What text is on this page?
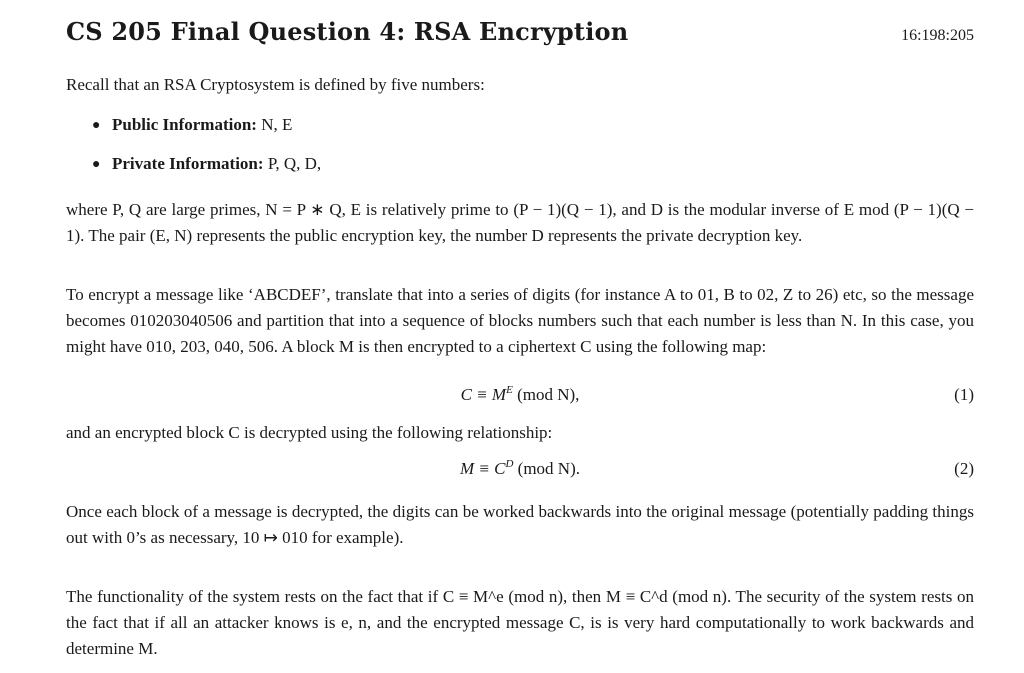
CS 205 Final Question 4: RSA Encryption	16:198:205
Recall that an RSA Cryptosystem is defined by five numbers:
● Public Information: N, E
● Private Information: P, Q, D,
where P, Q are large primes, N = P ∗ Q, E is relatively prime to (P − 1)(Q − 1), and D is the modular inverse of E mod (P − 1)(Q − 1). The pair (E, N) represents the public encryption key, the number D represents the private decryption key.
To encrypt a message like ‘ABCDEF’, translate that into a series of digits (for instance A to 01, B to 02, Z to 26) etc, so the message becomes 010203040506 and partition that into a sequence of blocks numbers such that each number is less than N. In this case, you might have 010, 203, 040, 506. A block M is then encrypted to a ciphertext C using the following map:
$C \equiv M^E$ (mod N),	(1)
and an encrypted block C is decrypted using the following relationship:
$M \equiv C^D$ (mod N).	(2)
Once each block of a message is decrypted, the digits can be worked backwards into the original message (potentially padding things out with 0’s as necessary, 10 ↦ 010 for example).
The functionality of the system rests on the fact that if C ≡ M^e (mod n), then M ≡ C^d (mod n). The security of the system rests on the fact that if all an attacker knows is e, n, and the encrypted message C, is is very hard computationally to work backwards and determine M.
